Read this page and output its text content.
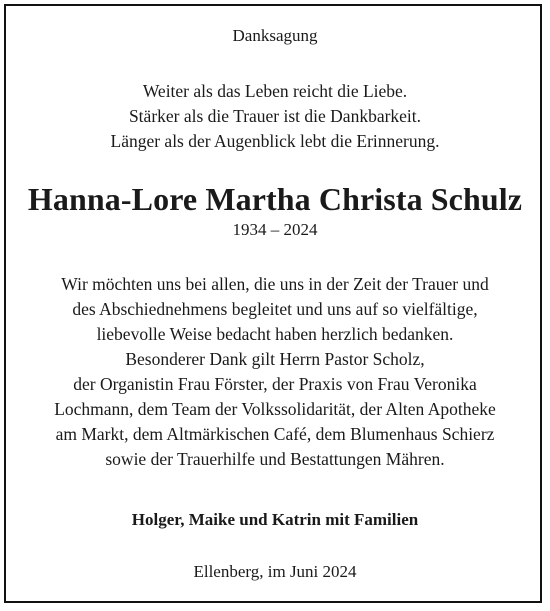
Danksagung
Weiter als das Leben reicht die Liebe.
Stärker als die Trauer ist die Dankbarkeit.
Länger als der Augenblick lebt die Erinnerung.
Hanna-Lore Martha Christa Schulz
1934 – 2024
Wir möchten uns bei allen, die uns in der Zeit der Trauer und
des Abschiednehmens begleitet und uns auf so vielfältige,
liebevolle Weise bedacht haben herzlich bedanken.
Besonderer Dank gilt Herrn Pastor Scholz,
der Organistin Frau Förster, der Praxis von Frau Veronika
Lochmann, dem Team der Volkssolidarität, der Alten Apotheke
am Markt, dem Altmärkischen Café, dem Blumenhaus Schierz
sowie der Trauerhilfe und Bestattungen Mähren.
Holger, Maike und Katrin mit Familien
Ellenberg, im Juni 2024
